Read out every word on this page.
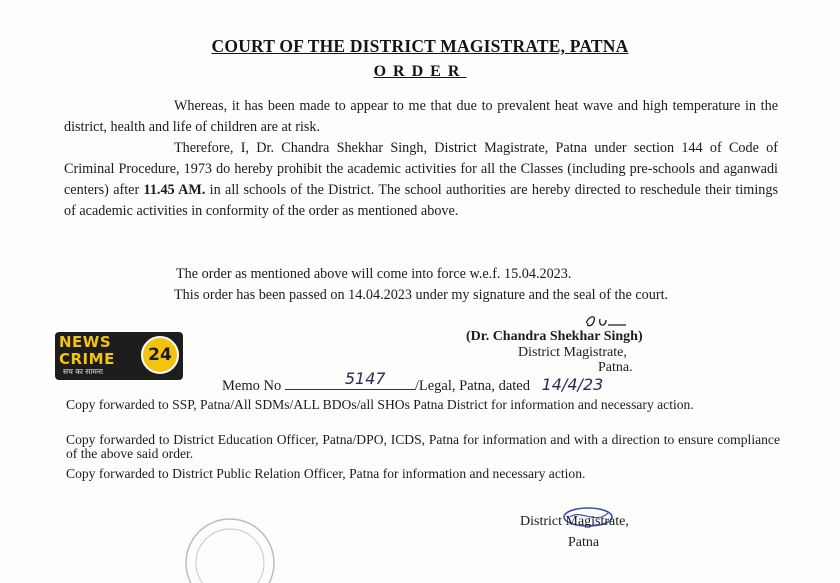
COURT OF THE DISTRICT MAGISTRATE, PATNA
ORDER
Whereas, it has been made to appear to me that due to prevalent heat wave and high temperature in the district, health and life of children are at risk.
Therefore, I, Dr. Chandra Shekhar Singh, District Magistrate, Patna under section 144 of Code of Criminal Procedure, 1973 do hereby prohibit the academic activities for all the Classes (including pre-schools and aganwadi centers) after 11.45 AM. in all schools of the District. The school authorities are hereby directed to reschedule their timings of academic activities in conformity of the order as mentioned above.
The order as mentioned above will come into force w.e.f. 15.04.2023.
This order has been passed on 14.04.2023 under my signature and the seal of the court.
(Dr. Chandra Shekhar Singh)
District Magistrate,
Patna.
Memo No	5147 /Legal, Patna, dated 14/4/23
Copy forwarded to SSP, Patna/All SDMs/ALL BDOs/all SHOs Patna District for information and necessary action.
Copy forwarded to District Education Officer, Patna/DPO, ICDS, Patna for information and with a direction to ensure compliance of the above said order.
Copy forwarded to District Public Relation Officer, Patna for information and necessary action.
District Magistrate,
Patna
NEWS
CRIME
सच का सामना
24
